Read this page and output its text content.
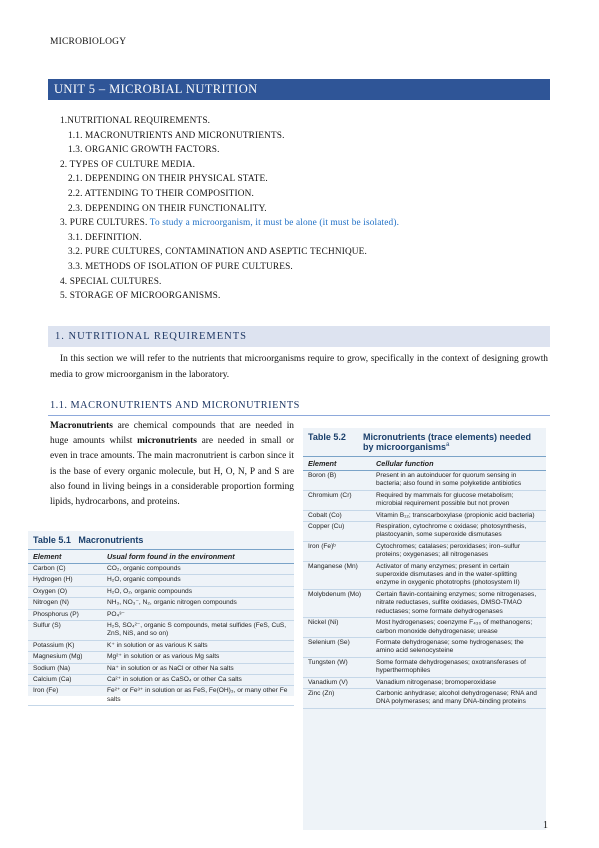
MICROBIOLOGY
UNIT 5 – MICROBIAL NUTRITION
1.NUTRITIONAL REQUIREMENTS.
1.1. MACRONUTRIENTS AND MICRONUTRIENTS.
1.3. ORGANIC GROWTH FACTORS.
2. TYPES OF CULTURE MEDIA.
2.1. DEPENDING ON THEIR PHYSICAL STATE.
2.2. ATTENDING TO THEIR COMPOSITION.
2.3. DEPENDING ON THEIR FUNCTIONALITY.
3. PURE CULTURES. To study a microorganism, it must be alone (it must be isolated).
3.1. DEFINITION.
3.2. PURE CULTURES, CONTAMINATION AND ASEPTIC TECHNIQUE.
3.3. METHODS OF ISOLATION OF PURE CULTURES.
4. SPECIAL CULTURES.
5. STORAGE OF MICROORGANISMS.
1. NUTRITIONAL REQUIREMENTS
In this section we will refer to the nutrients that microorganisms require to grow, specifically in the context of designing growth media to grow microorganism in the laboratory.
1.1. MACRONUTRIENTS AND MICRONUTRIENTS
Macronutrients are chemical compounds that are needed in huge amounts whilst micronutrients are needed in small or even in trace amounts. The main macronutrient is carbon since it is the base of every organic molecule, but H, O, N, P and S are also found in living beings in a considerable proportion forming lipids, hydrocarbons, and proteins.
Table 5.1 Macronutrients
Element	Usual form found in the environment
Carbon (C)	CO₂, organic compounds
Hydrogen (H)	H₂O, organic compounds
Oxygen (O)	H₂O, O₂, organic compounds
Nitrogen (N)	NH₃, NO₃⁻, N₂, organic nitrogen compounds
Phosphorus (P)	PO₄³⁻
Sulfur (S)	H₂S, SO₄²⁻, organic S compounds, metal sulfides (FeS, CuS, ZnS, NiS, and so on)
Potassium (K)	K⁺ in solution or as various K salts
Magnesium (Mg)	Mg²⁺ in solution or as various Mg salts
Sodium (Na)	Na⁺ in solution or as NaCl or other Na salts
Calcium (Ca)	Ca²⁺ in solution or as CaSO₄ or other Ca salts
Iron (Fe)	Fe²⁺ or Fe³⁺ in solution or as FeS, Fe(OH)₃, or many other Fe salts
Table 5.2	Micronutrients (trace elements) needed by microorganisms$^a$
Element	Cellular function
Boron (B)	Present in an autoinducer for quorum sensing in bacteria; also found in some polyketide antibiotics
Chromium (Cr)	Required by mammals for glucose metabolism; microbial requirement possible but not proven
Cobalt (Co)	Vitamin B₁₂; transcarboxylase (propionic acid bacteria)
Copper (Cu)	Respiration, cytochrome c oxidase; photosynthesis, plastocyanin, some superoxide dismutases
Iron (Fe)ᵇ	Cytochromes; catalases; peroxidases; iron–sulfur proteins; oxygenases; all nitrogenases
Manganese (Mn)	Activator of many enzymes; present in certain superoxide dismutases and in the water-splitting enzyme in oxygenic phototrophs (photosystem II)
Molybdenum (Mo)	Certain flavin-containing enzymes; some nitrogenases, nitrate reductases, sulfite oxidases, DMSO-TMAO reductases; some formate dehydrogenases
Nickel (Ni)	Most hydrogenases; coenzyme F₄₃₀ of methanogens; carbon monoxide dehydrogenase; urease
Selenium (Se)	Formate dehydrogenase; some hydrogenases; the amino acid selenocysteine
Tungsten (W)	Some formate dehydrogenases; oxotransferases of hyperthermophiles
Vanadium (V)	Vanadium nitrogenase; bromoperoxidase
Zinc (Zn)	Carbonic anhydrase; alcohol dehydrogenase; RNA and DNA polymerases; and many DNA-binding proteins
1
